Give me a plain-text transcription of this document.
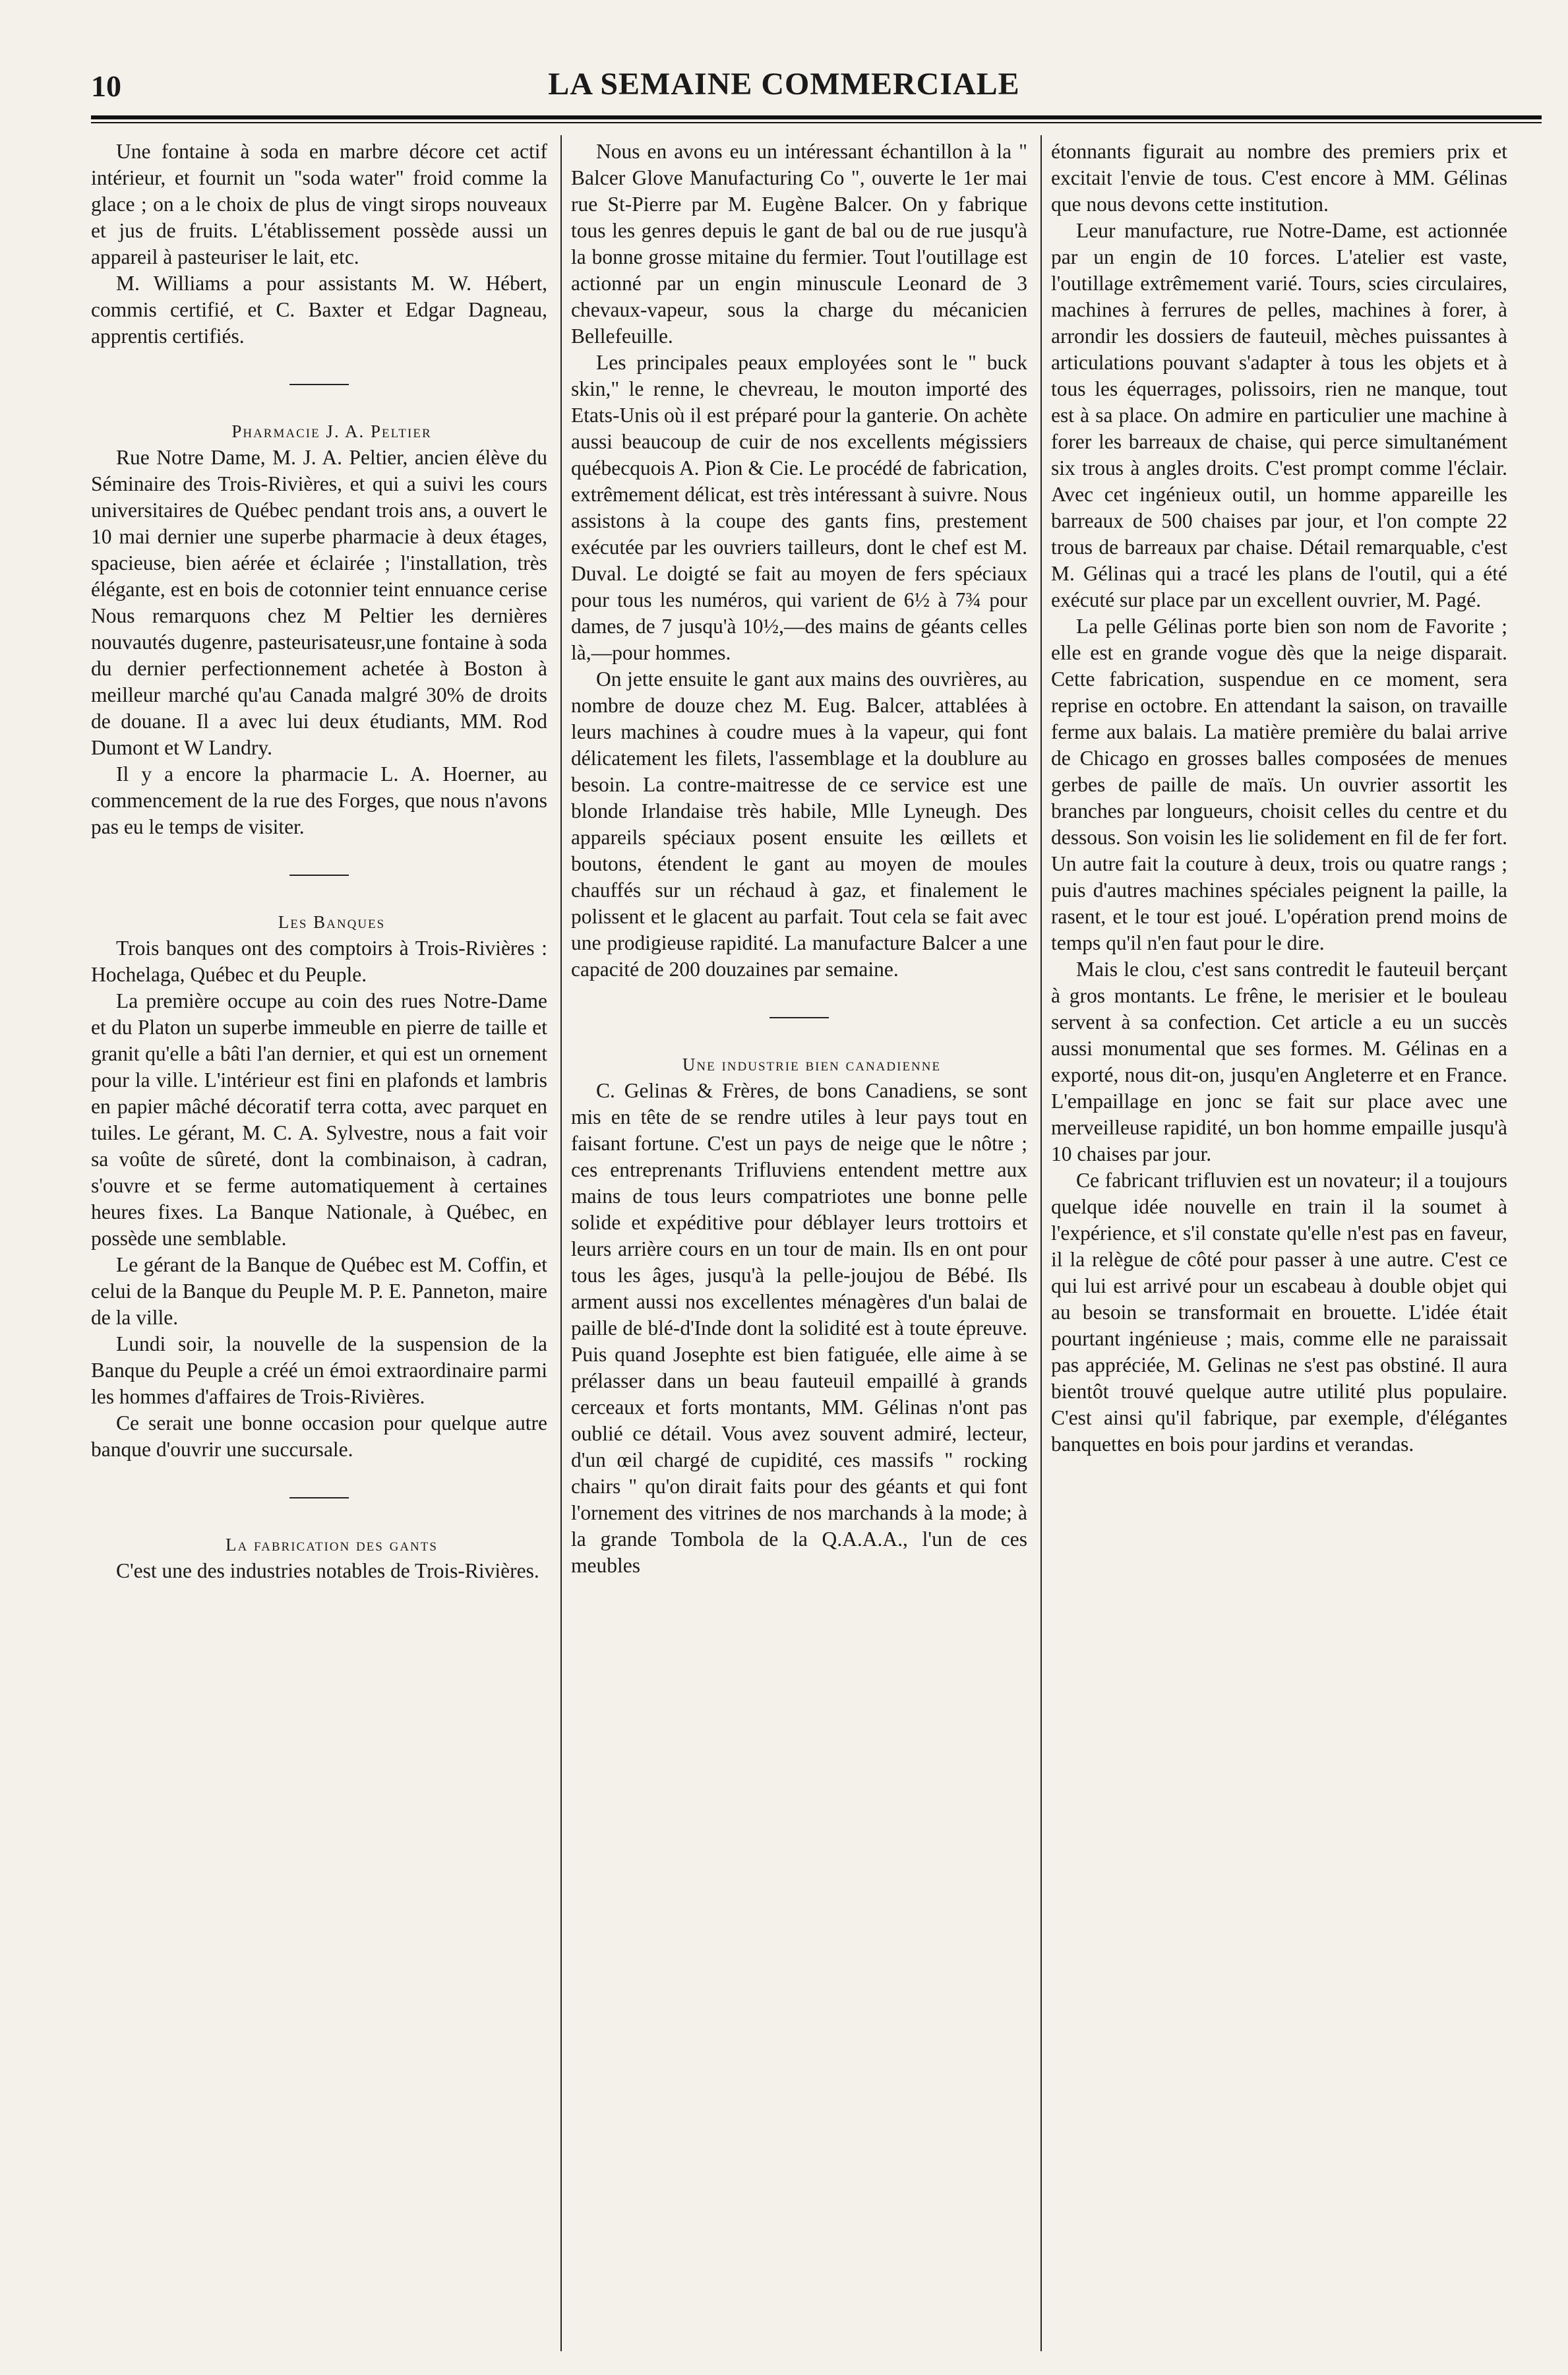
10	LA SEMAINE COMMERCIALE

Une fontaine à soda en marbre décore cet actif intérieur, et fournit un "soda water" froid comme la glace ; on a le choix de plus de vingt sirops nouveaux et jus de fruits. L'établissement possède aussi un appareil à pasteuriser le lait, etc.

M. Williams a pour assistants M. W. Hébert, commis certifié, et C. Baxter et Edgar Dagneau, apprentis certifiés.

Pharmacie J. A. Peltier

Rue Notre Dame, M. J. A. Peltier, ancien élève du Séminaire des Trois-Rivières, et qui a suivi les cours universitaires de Québec pendant trois ans, a ouvert le 10 mai dernier une superbe pharmacie à deux étages, spacieuse, bien aérée et éclairée ; l'installation, très élégante, est en bois de cotonnier teint ennuance cerise Nous remarquons chez M Peltier les dernières nouvautés dugenre, pasteurisateusr,une fontaine à soda du dernier perfectionnement achetée à Boston à meilleur marché qu'au Canada malgré 30% de droits de douane. Il a avec lui deux étudiants, MM. Rod Dumont et W Landry.

Il y a encore la pharmacie L. A. Hoerner, au commencement de la rue des Forges, que nous n'avons pas eu le temps de visiter.

Les Banques

Trois banques ont des comptoirs à Trois-Rivières : Hochelaga, Québec et du Peuple.

La première occupe au coin des rues Notre-Dame et du Platon un superbe immeuble en pierre de taille et granit qu'elle a bâti l'an dernier, et qui est un ornement pour la ville. L'intérieur est fini en plafonds et lambris en papier mâché décoratif terra cotta, avec parquet en tuiles. Le gérant, M. C. A. Sylvestre, nous a fait voir sa voûte de sûreté, dont la combinaison, à cadran, s'ouvre et se ferme automatiquement à certaines heures fixes. La Banque Nationale, à Québec, en possède une semblable.

Le gérant de la Banque de Québec est M. Coffin, et celui de la Banque du Peuple M. P. E. Panneton, maire de la ville.

Lundi soir, la nouvelle de la suspension de la Banque du Peuple a créé un émoi extraordinaire parmi les hommes d'affaires de Trois-Rivières.

Ce serait une bonne occasion pour quelque autre banque d'ouvrir une succursale.

La fabrication des gants

C'est une des industries notables de Trois-Rivières.

Nous en avons eu un intéressant échantillon à la " Balcer Glove Manufacturing Co ", ouverte le 1er mai rue St-Pierre par M. Eugène Balcer. On y fabrique tous les genres depuis le gant de bal ou de rue jusqu'à la bonne grosse mitaine du fermier. Tout l'outillage est actionné par un engin minuscule Leonard de 3 chevaux-vapeur, sous la charge du mécanicien Bellefeuille.

Les principales peaux employées sont le " buck skin," le renne, le chevreau, le mouton importé des Etats-Unis où il est préparé pour la ganterie. On achète aussi beaucoup de cuir de nos excellents mégissiers québecquois A. Pion & Cie. Le procédé de fabrication, extrêmement délicat, est très intéressant à suivre. Nous assistons à la coupe des gants fins, prestement exécutée par les ouvriers tailleurs, dont le chef est M. Duval. Le doigté se fait au moyen de fers spéciaux pour tous les numéros, qui varient de 6½ à 7¾ pour dames, de 7 jusqu'à 10½,—des mains de géants celles là,—pour hommes.

On jette ensuite le gant aux mains des ouvrières, au nombre de douze chez M. Eug. Balcer, attablées à leurs machines à coudre mues à la vapeur, qui font délicatement les filets, l'assemblage et la doublure au besoin. La contre-maitresse de ce service est une blonde Irlandaise très habile, Mlle Lyneugh. Des appareils spéciaux posent ensuite les œillets et boutons, étendent le gant au moyen de moules chauffés sur un réchaud à gaz, et finalement le polissent et le glacent au parfait. Tout cela se fait avec une prodigieuse rapidité. La manufacture Balcer a une capacité de 200 douzaines par semaine.

Une industrie bien canadienne

C. Gelinas & Frères, de bons Canadiens, se sont mis en tête de se rendre utiles à leur pays tout en faisant fortune. C'est un pays de neige que le nôtre ; ces entreprenants Trifluviens entendent mettre aux mains de tous leurs compatriotes une bonne pelle solide et expéditive pour déblayer leurs trottoirs et leurs arrière cours en un tour de main. Ils en ont pour tous les âges, jusqu'à la pelle-joujou de Bébé. Ils arment aussi nos excellentes ménagères d'un balai de paille de blé-d'Inde dont la solidité est à toute épreuve. Puis quand Josephte est bien fatiguée, elle aime à se prélasser dans un beau fauteuil empaillé à grands cerceaux et forts montants, MM. Gélinas n'ont pas oublié ce détail. Vous avez souvent admiré, lecteur, d'un œil chargé de cupidité, ces massifs " rocking chairs " qu'on dirait faits pour des géants et qui font l'ornement des vitrines de nos marchands à la mode; à la grande Tombola de la Q.A.A.A., l'un de ces meubles

étonnants figurait au nombre des premiers prix et excitait l'envie de tous. C'est encore à MM. Gélinas que nous devons cette institution.

Leur manufacture, rue Notre-Dame, est actionnée par un engin de 10 forces. L'atelier est vaste, l'outillage extrêmement varié. Tours, scies circulaires, machines à ferrures de pelles, machines à forer, à arrondir les dossiers de fauteuil, mèches puissantes à articulations pouvant s'adapter à tous les objets et à tous les équerrages, polissoirs, rien ne manque, tout est à sa place. On admire en particulier une machine à forer les barreaux de chaise, qui perce simultanément six trous à angles droits. C'est prompt comme l'éclair. Avec cet ingénieux outil, un homme appareille les barreaux de 500 chaises par jour, et l'on compte 22 trous de barreaux par chaise. Détail remarquable, c'est M. Gélinas qui a tracé les plans de l'outil, qui a été exécuté sur place par un excellent ouvrier, M. Pagé.

La pelle Gélinas porte bien son nom de Favorite ; elle est en grande vogue dès que la neige disparait. Cette fabrication, suspendue en ce moment, sera reprise en octobre. En attendant la saison, on travaille ferme aux balais. La matière première du balai arrive de Chicago en grosses balles composées de menues gerbes de paille de maïs. Un ouvrier assortit les branches par longueurs, choisit celles du centre et du dessous. Son voisin les lie solidement en fil de fer fort. Un autre fait la couture à deux, trois ou quatre rangs ; puis d'autres machines spéciales peignent la paille, la rasent, et le tour est joué. L'opération prend moins de temps qu'il n'en faut pour le dire.

Mais le clou, c'est sans contredit le fauteuil berçant à gros montants. Le frêne, le merisier et le bouleau servent à sa confection. Cet article a eu un succès aussi monumental que ses formes. M. Gélinas en a exporté, nous dit-on, jusqu'en Angleterre et en France. L'empaillage en jonc se fait sur place avec une merveilleuse rapidité, un bon homme empaille jusqu'à 10 chaises par jour.

Ce fabricant trifluvien est un novateur; il a toujours quelque idée nouvelle en train il la soumet à l'expérience, et s'il constate qu'elle n'est pas en faveur, il la relègue de côté pour passer à une autre. C'est ce qui lui est arrivé pour un escabeau à double objet qui au besoin se transformait en brouette. L'idée était pourtant ingénieuse ; mais, comme elle ne paraissait pas appréciée, M. Gelinas ne s'est pas obstiné. Il aura bientôt trouvé quelque autre utilité plus populaire. C'est ainsi qu'il fabrique, par exemple, d'élégantes banquettes en bois pour jardins et verandas.
